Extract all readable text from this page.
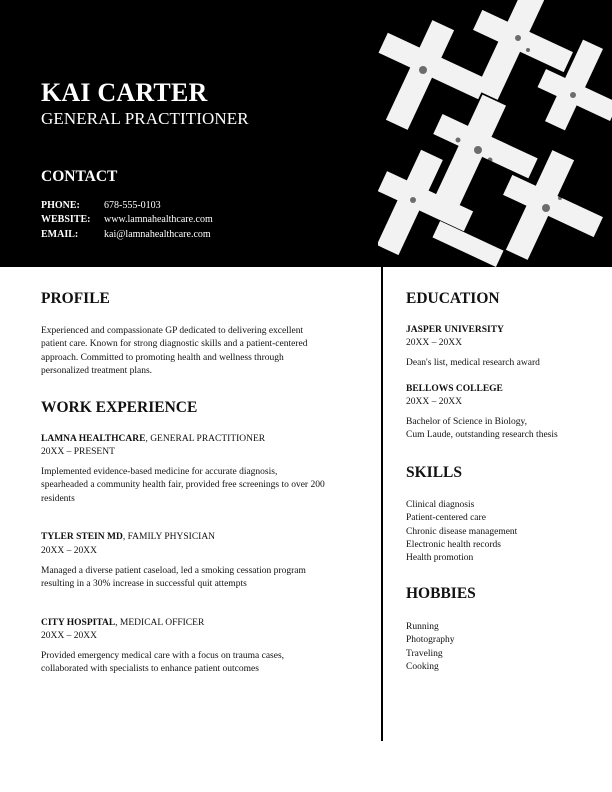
KAI CARTER
GENERAL PRACTITIONER
CONTACT
PHONE: 678-555-0103
WEBSITE: www.lamnahealthcare.com
EMAIL:	kai@lamnahealthcare.com
PROFILE
Experienced and compassionate GP dedicated to delivering excellent
patient care. Known for strong diagnostic skills and a patient-centered
approach. Committed to promoting health and wellness through
personalized treatment plans.
WORK EXPERIENCE
LAMNA HEALTHCARE, GENERAL PRACTITIONER
20XX – PRESENT
Implemented evidence-based medicine for accurate diagnosis,
spearheaded a community health fair, provided free screenings to over 200
residents
TYLER STEIN MD, FAMILY PHYSICIAN
20XX – 20XX
Managed a diverse patient caseload, led a smoking cessation program
resulting in a 30% increase in successful quit attempts
CITY HOSPITAL, MEDICAL OFFICER
20XX – 20XX
Provided emergency medical care with a focus on trauma cases,
collaborated with specialists to enhance patient outcomes
EDUCATION
JASPER UNIVERSITY
20XX – 20XX
Dean's list, medical research award
BELLOWS COLLEGE
20XX – 20XX
Bachelor of Science in Biology,
Cum Laude, outstanding research thesis
SKILLS
Clinical diagnosis
Patient-centered care
Chronic disease management
Electronic health records
Health promotion
HOBBIES
Running
Photography
Traveling
Cooking
